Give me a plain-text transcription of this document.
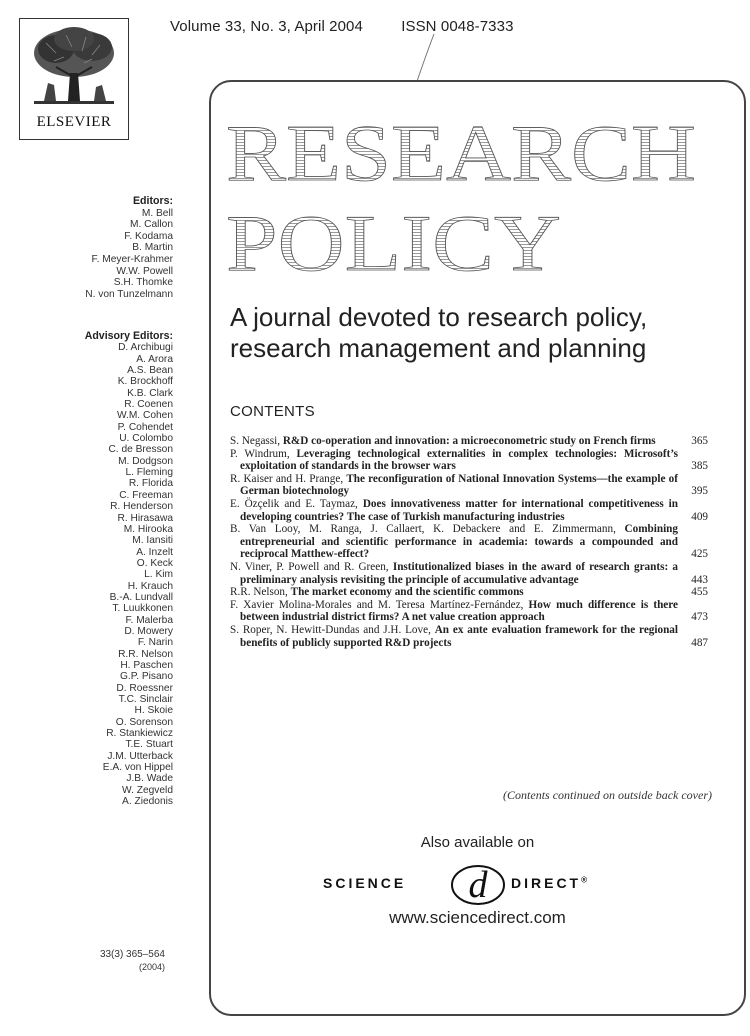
Volume 33, No. 3, April 2004	ISSN 0048-7333
ELSEVIER
Editors:
M. Bell
M. Callon
F. Kodama
B. Martin
F. Meyer-Krahmer
W.W. Powell
S.H. Thomke
N. von Tunzelmann
Advisory Editors:
D. Archibugi
A. Arora
A.S. Bean
K. Brockhoff
K.B. Clark
R. Coenen
W.M. Cohen
P. Cohendet
U. Colombo
C. de Bresson
M. Dodgson
L. Fleming
R. Florida
C. Freeman
R. Henderson
R. Hirasawa
M. Hirooka
M. Iansiti
A. Inzelt
O. Keck
L. Kim
H. Krauch
B.-A. Lundvall
T. Luukkonen
F. Malerba
D. Mowery
F. Narin
R.R. Nelson
H. Paschen
G.P. Pisano
D. Roessner
T.C. Sinclair
H. Skoie
O. Sorenson
R. Stankiewicz
T.E. Stuart
J.M. Utterback
E.A. von Hippel
J.B. Wade
W. Zegveld
A. Ziedonis
33(3) 365–564
(2004)
RESEARCH
POLICY
A journal devoted to research policy,
research management and planning
CONTENTS
S. Negassi, R&D co-operation and innovation: a microeconometric study on French firms	365
P. Windrum, Leveraging technological externalities in complex technologies: Microsoft’s exploitation of standards in the browser wars	385
R. Kaiser and H. Prange, The reconfiguration of National Innovation Systems—the example of German biotechnology	395
E. Özçelik and E. Taymaz, Does innovativeness matter for international competitiveness in developing countries? The case of Turkish manufacturing industries	409
B. Van Looy, M. Ranga, J. Callaert, K. Debackere and E. Zimmermann, Combining entrepreneurial and scientific performance in academia: towards a compounded and reciprocal Matthew-effect?	425
N. Viner, P. Powell and R. Green, Institutionalized biases in the award of research grants: a preliminary analysis revisiting the principle of accumulative advantage	443
R.R. Nelson, The market economy and the scientific commons	455
F. Xavier Molina-Morales and M. Teresa Martínez-Fernández, How much difference is there between industrial district firms? A net value creation approach	473
S. Roper, N. Hewitt-Dundas and J.H. Love, An ex ante evaluation framework for the regional benefits of publicly supported R&D projects	487
(Contents continued on outside back cover)
Also available on
SCIENCE d DIRECT®
www.sciencedirect.com
